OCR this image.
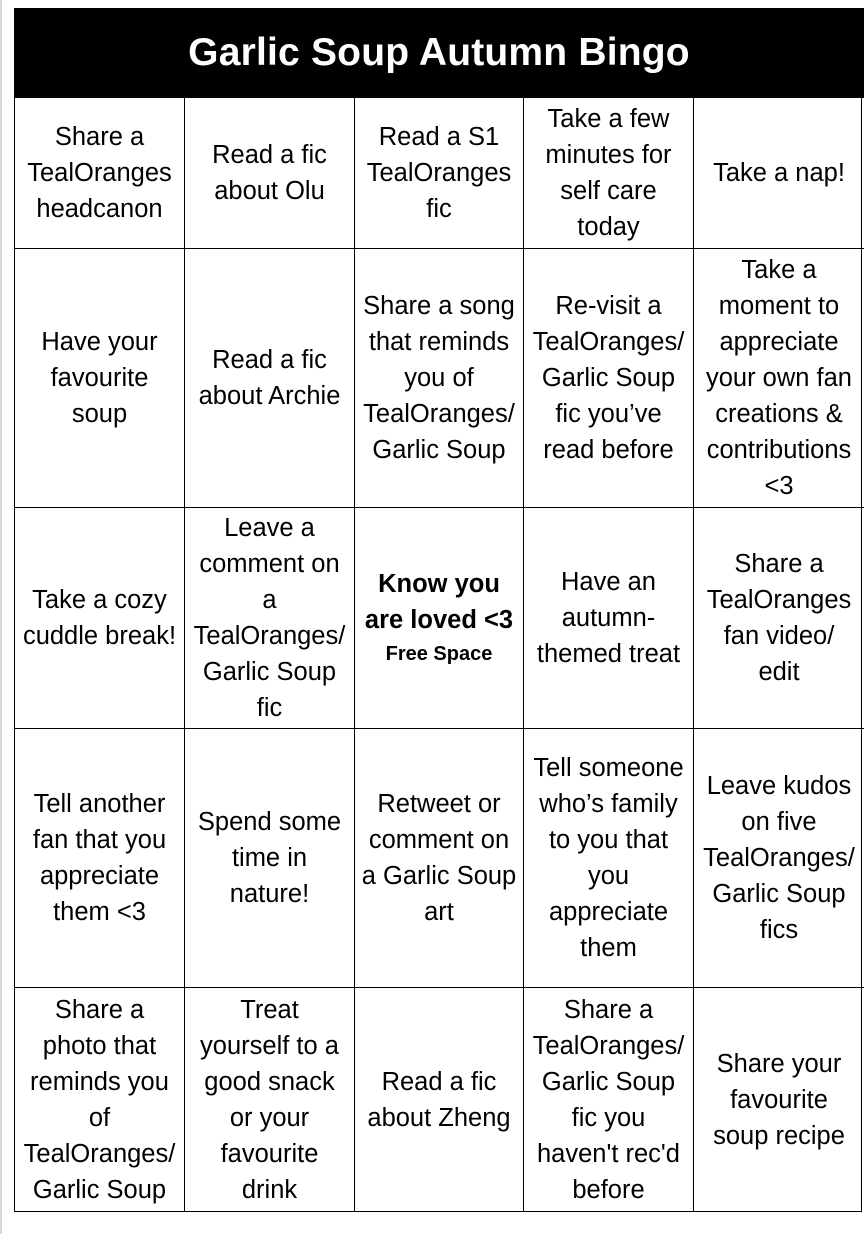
Garlic Soup Autumn Bingo
Share a
TealOranges
headcanon
Read a fic
about Olu
Read a S1
TealOranges
fic
Take a few
minutes for
self care
today
Take a nap!
Have your
favourite
soup
Read a fic
about Archie
Share a song
that reminds
you of
TealOranges/
Garlic Soup
Re-visit a
TealOranges/
Garlic Soup
fic you’ve
read before
Take a
moment to
appreciate
your own fan
creations &
contributions
<3
Take a cozy
cuddle break!
Leave a
comment on
a
TealOranges/
Garlic Soup
fic
Know you
are loved <3
Free Space
Have an
autumn-
themed treat
Share a
TealOranges
fan video/
edit
Tell another
fan that you
appreciate
them <3
Spend some
time in
nature!
Retweet or
comment on
a Garlic Soup
art
Tell someone
who’s family
to you that
you
appreciate
them
Leave kudos
on five
TealOranges/
Garlic Soup
fics
Share a
photo that
reminds you
of
TealOranges/
Garlic Soup
Treat
yourself to a
good snack
or your
favourite
drink
Read a fic
about Zheng
Share a
TealOranges/
Garlic Soup
fic you
haven't rec'd
before
Share your
favourite
soup recipe
